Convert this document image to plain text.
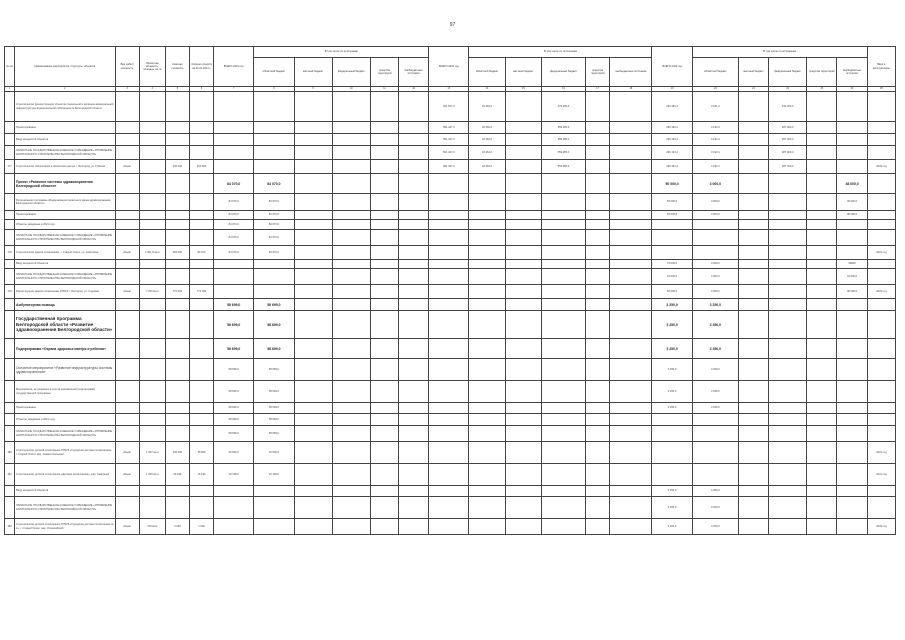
97
№ п/п	Наименование мероприятия, структуры, объектов	Вид работ/мощность	Проектная мощность, площадь, кв. м	Сметная стоимость	Освоено средств на 01.01.2021 г.	ВСЕГО 2021 год	В том числе по источникам					ВСЕГО 2022 год	В том числе по источникам					ВСЕГО 2023 год	В том числе по источникам					Ввод в эксплуатацию
							областной бюджет	местный бюджет	федеральный бюджет	средства территорий	внебюджетные источники		областной бюджет	местный бюджет	федеральный бюджет	средства территорий	внебюджетные источники		областной бюджет	местный бюджет	федеральный бюджет	средства территорий	внебюджетные источники	
1	2	3	4	5	6	7	8	9	10	11	12	13	14	15	16	17	18	19	20	21	22	23	24	25
	Строительство (реконструкция) объектов социальной и жилищно-коммунальной инфраструктуры муниципальной собственности Белгородской области											541 547,0	32 462,0		479 095,0			290 181,4	3 181,4		230 000,0			
	Проектирование											591 447,0	32 462,0		559 085,0			290 193,4	3 193,4		287 000,0			
	Ввод мощностей объектов											591 447,0	32 462,0		559 085,0			290 193,4	3 193,4		287 000,0			
	ОБЛАСТНОЕ ГОСУДАРСТВЕННОЕ КАЗЕННОЕ УЧРЕЖДЕНИЕ «УПРАВЛЕНИЕ КАПИТАЛЬНОГО СТРОИТЕЛЬСТВА БЕЛГОРОДСКОЙ ОБЛАСТИ»											591 447,0	32 462,0		559 085,0			290 193,4	3 193,4		287 000,0			
177	Строительство поликлиники в областном центре, г. Белгород, ул. Губкина	объект		100 000	100 000							591 447,0	32 462,0		559 085,0			290 193,4	3 193,4		287 000,0			2023 год
	Проект «Развитие системы здравоохранения Белгородской области»					84 070,0	84 070,0											50 000,0	3 000,0				48 000,0	
	Региональная программа «Модернизация первичного звена здравоохранения Белгородской области»					84 070,0	84 070,0											50 000,0	3 000,0				48 000,0	
	Проектирование					84 070,0	84 070,0											50 000,0	3 000,0				48 000,0	
	Объекты, вводимые в 2021 году					84 070,0	84 070,0																	
	ОБЛАСТНОЕ ГОСУДАРСТВЕННОЕ КАЗЕННОЕ УЧРЕЖДЕНИЕ «УПРАВЛЕНИЕ КАПИТАЛЬНОГО СТРОИТЕЛЬСТВА БЕЛГОРОДСКОЙ ОБЛАСТИ»					84 070,0	84 070,0																	
178	Строительство здания поликлиники, г. Старый Оскол, ул. Советская	объект	1 501,8 кв.м	283 000	84 070	84 070,0	84 070,0																	2021 год
	Ввод мощностей объектов																	70 000,0	3 000,0				48000	
	ОБЛАСТНОЕ ГОСУДАРСТВЕННОЕ КАЗЕННОЕ УЧРЕЖДЕНИЕ «УПРАВЛЕНИЕ КАПИТАЛЬНОГО СТРОИТЕЛЬСТВА БЕЛГОРОДСКОЙ ОБЛАСТИ»																	44 000,0	3 000,0				44 000,0	
179	Реконструкция здания поликлиники ОГБУЗ, г. Белгород, ул. Садовая	объект	7 000 кв.м	770 000	770 000													50 000,0	3 000,0				48 000,0	2023 год
	Амбулаторная помощь					58 699,0	58 699,0											3 250,0	3 250,0					
	Государственная программа Белгородской области «Развитие здравоохранения Белгородской области»					58 699,0	58 699,0											3 250,0	3 250,0					
	Подпрограмма «Охрана здоровья матери и ребенка»					58 699,0	58 699,0											3 250,0	3 250,0					
	Основное мероприятие «Развитие инфраструктуры системы здравоохранения»					58 699,0	58 699,0											3 250,0	3 250,0					
	Мероприятия, не входящие в состав направлений (подпрограмм) государственной программы					58 699,0	58 699,0											3 250,0	3 250,0					
	Проектирование					58 699,0	58 699,0											3 250,0	3 250,0					
	Объекты, вводимые в 2021 году					58 699,0	58 699,0																	
	ОБЛАСТНОЕ ГОСУДАРСТВЕННОЕ КАЗЕННОЕ УЧРЕЖДЕНИЕ «УПРАВЛЕНИЕ КАПИТАЛЬНОГО СТРОИТЕЛЬСТВА БЕЛГОРОДСКОЙ ОБЛАСТИ»					58 699,0	58 699,0																	
180	Строительство детской поликлиники ОГБУЗ «Городская детская поликлиника», г. Старый Оскол, мкр. Севастопольский	объект	1 607 кв.м	100 000	35 500	35 500,0	35 500,0																	2021 год
181	Строительство детской поликлиники «Детская поликлиника», мкр. Северный	объект	1 000 кв.м	43 199	15 199	15 199,0	15 199,0																	2021 год
	Ввод мощностей объектов																	3 250,0	3 250,0					
	ОБЛАСТНОЕ ГОСУДАРСТВЕННОЕ КАЗЕННОЕ УЧРЕЖДЕНИЕ «УПРАВЛЕНИЕ КАПИТАЛЬНОГО СТРОИТЕЛЬСТВА БЕЛГОРОДСКОЙ ОБЛАСТИ»																	3 250,0	3 250,0					
182	Строительство детской поликлиники ОГБУЗ «Городская детская поликлиника № 2», г. Старый Оскол, мкр. Олимпийский	объект	700 кв.м	4 250	1 000													3 250,0	3 250,0					2023 год
